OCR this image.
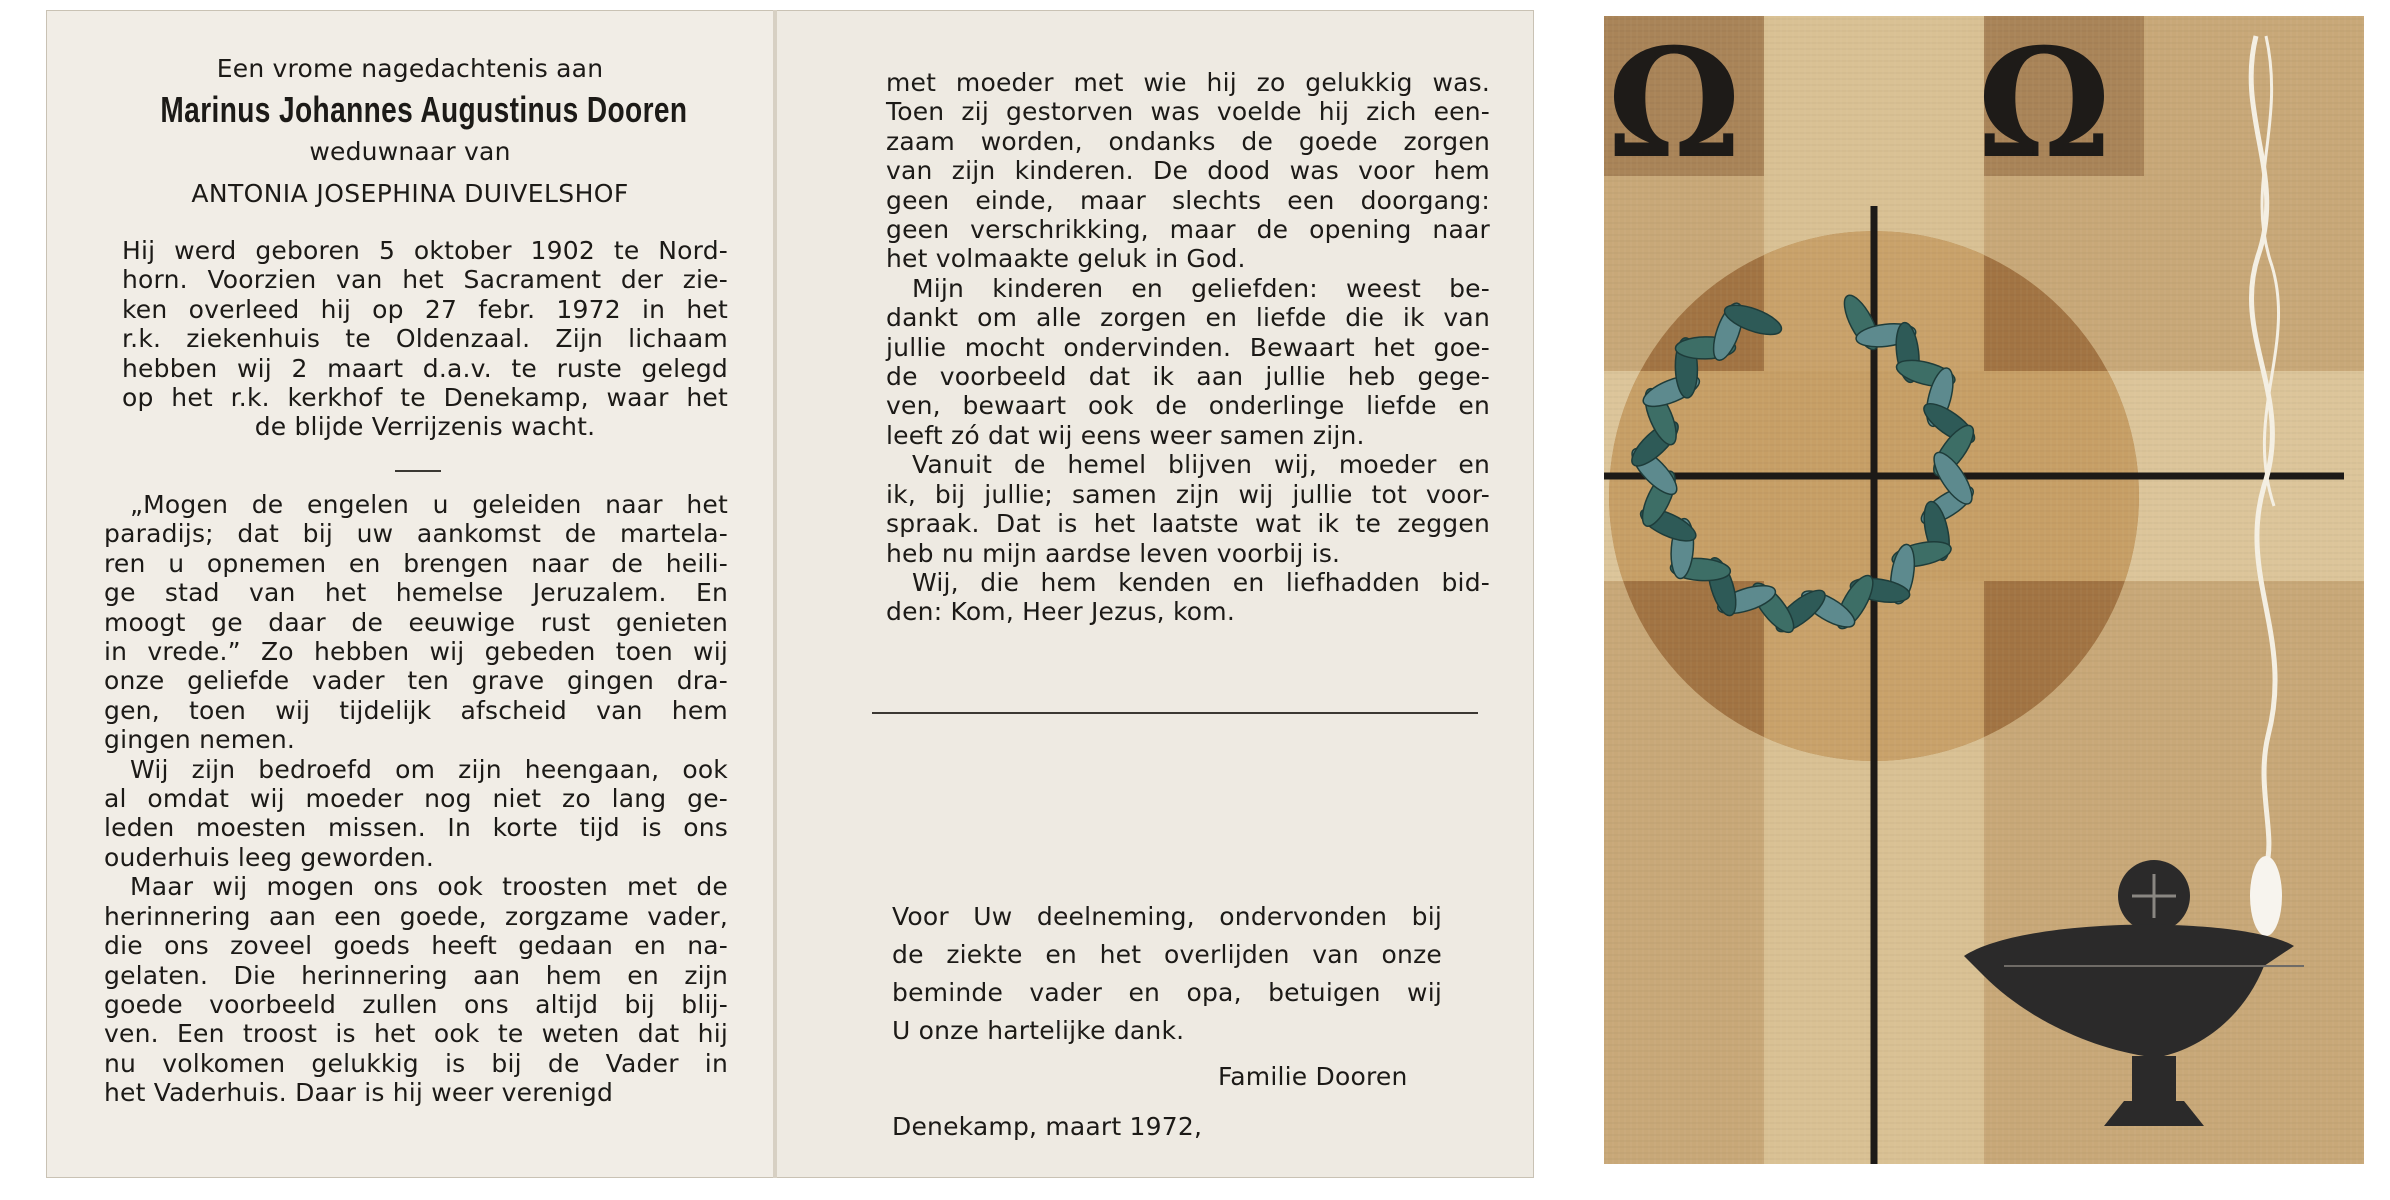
Een vrome nagedachtenis aan
Marinus Johannes Augustinus Dooren
weduwnaar van
ANTONIA JOSEPHINA DUIVELSHOF
Hij werd geboren 5 oktober 1902 te Nord-
horn. Voorzien van het Sacrament der zie-
ken overleed hij op 27 febr. 1972 in het
r.k. ziekenhuis te Oldenzaal. Zijn lichaam
hebben wij 2 maart d.a.v. te ruste gelegd
op het r.k. kerkhof te Denekamp, waar het
de blijde Verrijzenis wacht.
„Mogen de engelen u geleiden naar het
paradijs; dat bij uw aankomst de martela-
ren u opnemen en brengen naar de heili-
ge stad van het hemelse Jeruzalem. En
moogt ge daar de eeuwige rust genieten
in vrede.” Zo hebben wij gebeden toen wij
onze geliefde vader ten grave gingen dra-
gen, toen wij tijdelijk afscheid van hem
gingen nemen.
Wij zijn bedroefd om zijn heengaan, ook
al omdat wij moeder nog niet zo lang ge-
leden moesten missen. In korte tijd is ons
ouderhuis leeg geworden.
Maar wij mogen ons ook troosten met de
herinnering aan een goede, zorgzame vader,
die ons zoveel goeds heeft gedaan en na-
gelaten. Die herinnering aan hem en zijn
goede voorbeeld zullen ons altijd bij blij-
ven. Een troost is het ook te weten dat hij
nu volkomen gelukkig is bij de Vader in
het Vaderhuis. Daar is hij weer verenigd
met moeder met wie hij zo gelukkig was.
Toen zij gestorven was voelde hij zich een-
zaam worden, ondanks de goede zorgen
van zijn kinderen. De dood was voor hem
geen einde, maar slechts een doorgang:
geen verschrikking, maar de opening naar
het volmaakte geluk in God.
Mijn kinderen en geliefden: weest be-
dankt om alle zorgen en liefde die ik van
jullie mocht ondervinden. Bewaart het goe-
de voorbeeld dat ik aan jullie heb gege-
ven, bewaart ook de onderlinge liefde en
leeft zó dat wij eens weer samen zijn.
Vanuit de hemel blijven wij, moeder en
ik, bij jullie; samen zijn wij jullie tot voor-
spraak. Dat is het laatste wat ik te zeggen
heb nu mijn aardse leven voorbij is.
Wij, die hem kenden en liefhadden bid-
den: Kom, Heer Jezus, kom.
Voor Uw deelneming, ondervonden bij
de ziekte en het overlijden van onze
beminde vader en opa, betuigen wij
U onze hartelijke dank.
Familie Dooren
Denekamp, maart 1972,
Ω Ω
